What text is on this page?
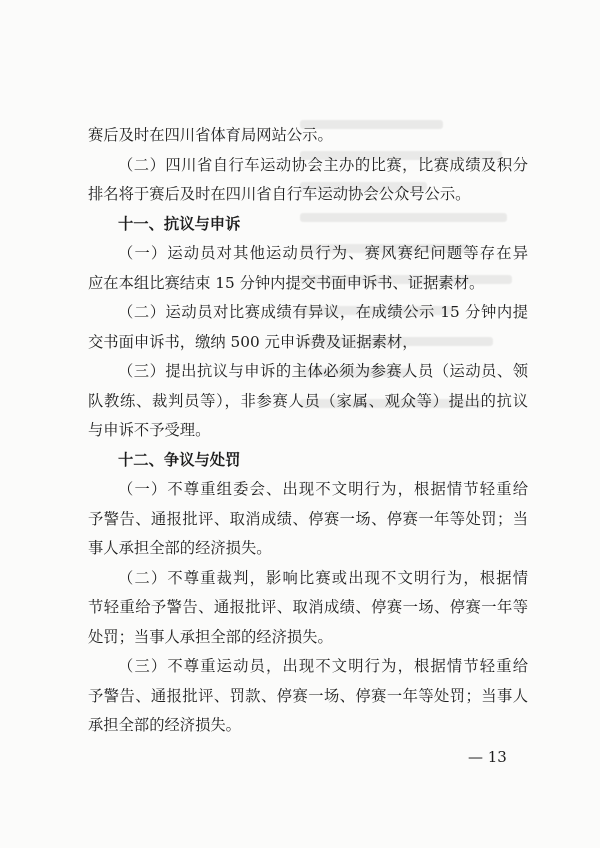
赛后及时在四川省体育局网站公示。
（二）四川省自行车运动协会主办的比赛，比赛成绩及积分
排名将于赛后及时在四川省自行车运动协会公众号公示。
十一、抗议与申诉
（一）运动员对其他运动员行为、赛风赛纪问题等存在异
应在本组比赛结束 15 分钟内提交书面申诉书、证据素材。
（二）运动员对比赛成绩有异议，在成绩公示 15 分钟内提
交书面申诉书，缴纳 500 元申诉费及证据素材，
（三）提出抗议与申诉的主体必须为参赛人员（运动员、领
队教练、裁判员等），非参赛人员（家属、观众等）提出的抗议
与申诉不予受理。
十二、争议与处罚
（一）不尊重组委会、出现不文明行为，根据情节轻重给
予警告、通报批评、取消成绩、停赛一场、停赛一年等处罚；当
事人承担全部的经济损失。
（二）不尊重裁判，影响比赛或出现不文明行为，根据情
节轻重给予警告、通报批评、取消成绩、停赛一场、停赛一年等
处罚；当事人承担全部的经济损失。
（三）不尊重运动员，出现不文明行为，根据情节轻重给
予警告、通报批评、罚款、停赛一场、停赛一年等处罚；当事人
承担全部的经济损失。
— 13
